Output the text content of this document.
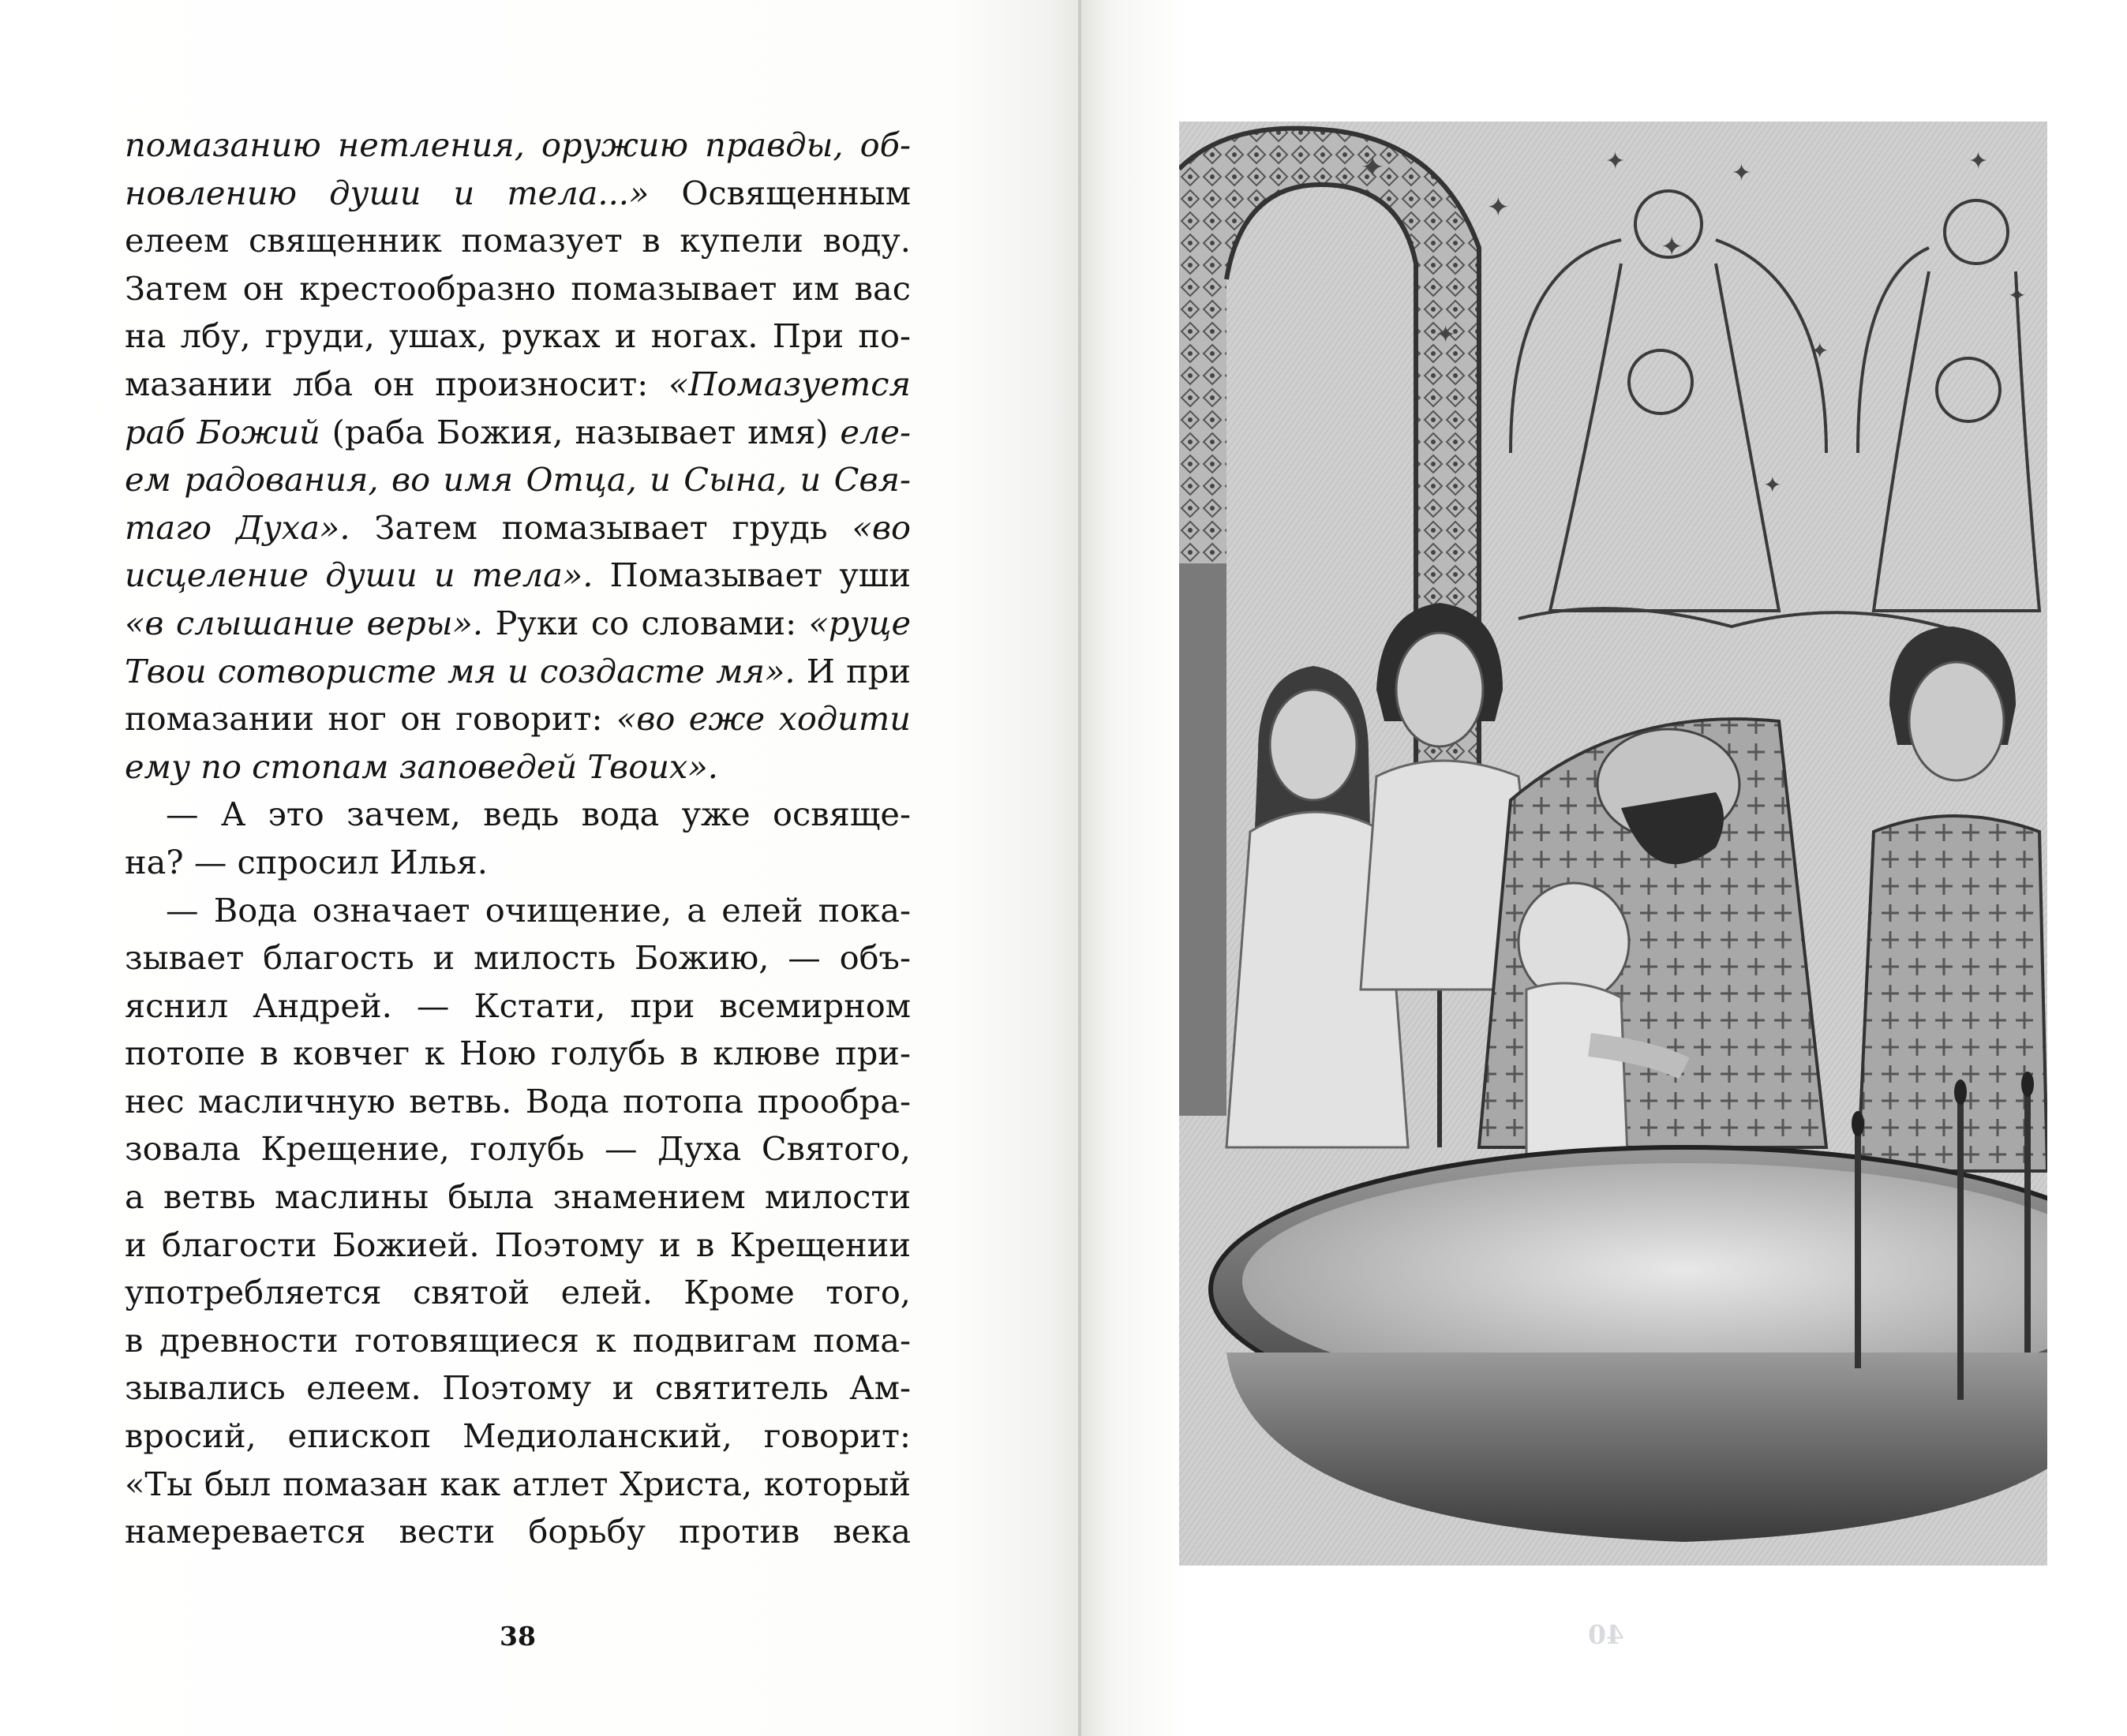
помазанию нетления, оружию правды, об-
новлению души и тела...» Освященным
елеем священник помазует в купели воду.
Затем он крестообразно помазывает им вас
на лбу, груди, ушах, руках и ногах. При по-
мазании лба он произносит: «Помазуется
раб Божий (раба Божия, называет имя) еле-
ем радования, во имя Отца, и Сына, и Свя-
таго Духа». Затем помазывает грудь «во
исцеление души и тела». Помазывает уши
«в слышание веры». Руки со словами: «руце
Твои сотвористе мя и создасте мя». И при
помазании ног он говорит: «во еже ходити
ему по стопам заповедей Твоих».
— А это зачем, ведь вода уже освяще-
на? — спросил Илья.
— Вода означает очищение, а елей пока-
зывает благость и милость Божию, — объ-
яснил Андрей. — Кстати, при всемирном
потопе в ковчег к Ною голубь в клюве при-
нес масличную ветвь. Вода потопа прообра-
зовала Крещение, голубь — Духа Святого,
а ветвь маслины была знамением милости
и благости Божией. Поэтому и в Крещении
употребляется святой елей. Кроме того,
в древности готовящиеся к подвигам пома-
зывались елеем. Поэтому и святитель Ам-
вросий, епископ Медиоланский, говорит:
«Ты был помазан как атлет Христа, который
намеревается вести борьбу против века
38	40
✦
✦
✦
✦
✦	✦
✦
✦
✦
✦
